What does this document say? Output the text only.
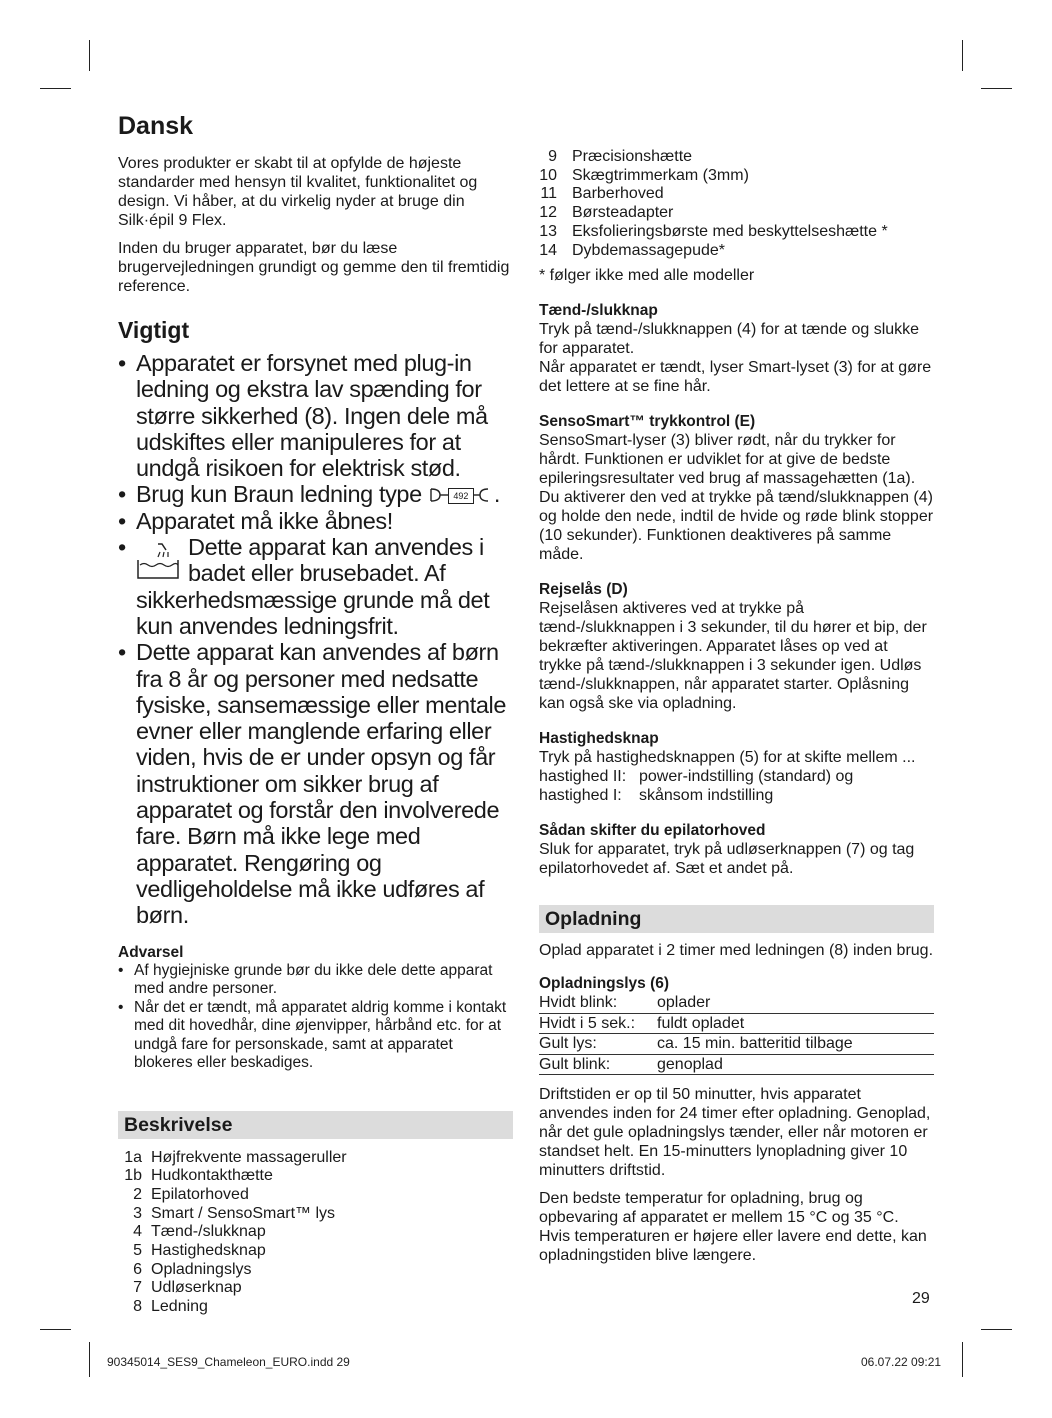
Dansk

Vores produkter er skabt til at opfylde de højeste standarder med hensyn til kvalitet, funktionalitet og design. Vi håber, at du virkelig nyder at bruge din Silk·épil 9 Flex.

Inden du bruger apparatet, bør du læse brugervejledningen grundigt og gemme den til fremtidig reference.

Vigtigt
• Apparatet er forsynet med plug-in ledning og ekstra lav spænding for større sikkerhed (8). Ingen dele må udskiftes eller manipuleres for at undgå risikoen for elektrisk stød.
• Brug kun Braun ledning type	492 .
• Apparatet må ikke åbnes!
•	Dette apparat kan anvendes i badet eller brusebadet. Af sikkerhedsmæssige grunde må det kun anvendes ledningsfrit.
• Dette apparat kan anvendes af børn fra 8 år og personer med nedsatte fysiske, sansemæssige eller mentale evner eller manglende erfaring eller viden, hvis de er under opsyn og får instruktioner om sikker brug af apparatet og forstår den involverede fare. Børn må ikke lege med apparatet. Rengøring og vedligeholdelse må ikke udføres af børn.

Advarsel

• Af hygiejniske grunde bør du ikke dele dette apparat med andre personer.
• Når det er tændt, må apparatet aldrig komme i kontakt med dit hovedhår, dine øjenvipper, hårbånd etc. for at undgå fare for personskade, samt at apparatet blokeres eller beskadiges.
Beskrivelse
1a Højfrekvente massageruller
1b Hudkontakthætte
2 Epilatorhoved
3 Smart / SensoSmart™ lys
4 Tænd-/slukknap
5 Hastighedsknap
6 Opladningslys
7 Udløserknap
8 Ledning
9 Præcisionshætte
10 Skægtrimmerkam (3mm)
11 Barberhoved
12 Børsteadapter
13 Eksfolieringsbørste med beskyttelseshætte *
14 Dybdemassagepude*

* følger ikke med alle modeller

Tænd-/slukknap

Tryk på tænd-/slukknappen (4) for at tænde og slukke for apparatet.
Når apparatet er tændt, lyser Smart-lyset (3) for at gøre det lettere at se fine hår.

SensoSmart™ trykkontrol (E)

SensoSmart-lyser (3) bliver rødt, når du trykker for hårdt. Funktionen er udviklet for at give de bedste epileringsresultater ved brug af massagehætten (1a). Du aktiverer den ved at trykke på tænd/slukknappen (4) og holde den nede, indtil de hvide og røde blink stopper (10 sekunder). Funktionen deaktiveres på samme måde.

Rejselås (D)

Rejselåsen aktiveres ved at trykke på tænd-/slukknappen i 3 sekunder, til du hører et bip, der bekræfter aktiveringen. Apparatet låses op ved at trykke på tænd-/slukknappen i 3 sekunder igen. Udløs tænd-/slukknappen, når apparatet starter. Oplåsning kan også ske via opladning.

Hastighedsknap

Tryk på hastighedsknappen (5) for at skifte mellem ...

hastighed II: power-indstilling (standard) og
hastighed I:	skånsom indstilling

Sådan skifter du epilatorhoved

Sluk for apparatet, tryk på udløserknappen (7) og tag epilatorhovedet af. Sæt et andet på.

Opladning

Oplad apparatet i 2 timer med ledningen (8) inden brug.

Opladningslys (6)

Hvidt blink:	oplader
Hvidt i 5 sek.:	fuldt opladet
Gult lys:	ca. 15 min. batteritid tilbage
Gult blink:	genoplad

Driftstiden er op til 50 minutter, hvis apparatet anvendes inden for 24 timer efter opladning. Genoplad, når det gule opladningslys tænder, eller når motoren er standset helt. En 15-minutters lynopladning giver 10 minutters driftstid.

Den bedste temperatur for opladning, brug og opbevaring af apparatet er mellem 15 °C og 35 °C. Hvis temperaturen er højere eller lavere end dette, kan opladningstiden blive længere.

29
90345014_SES9_Chameleon_EURO.indd 29	06.07.22 09:21
